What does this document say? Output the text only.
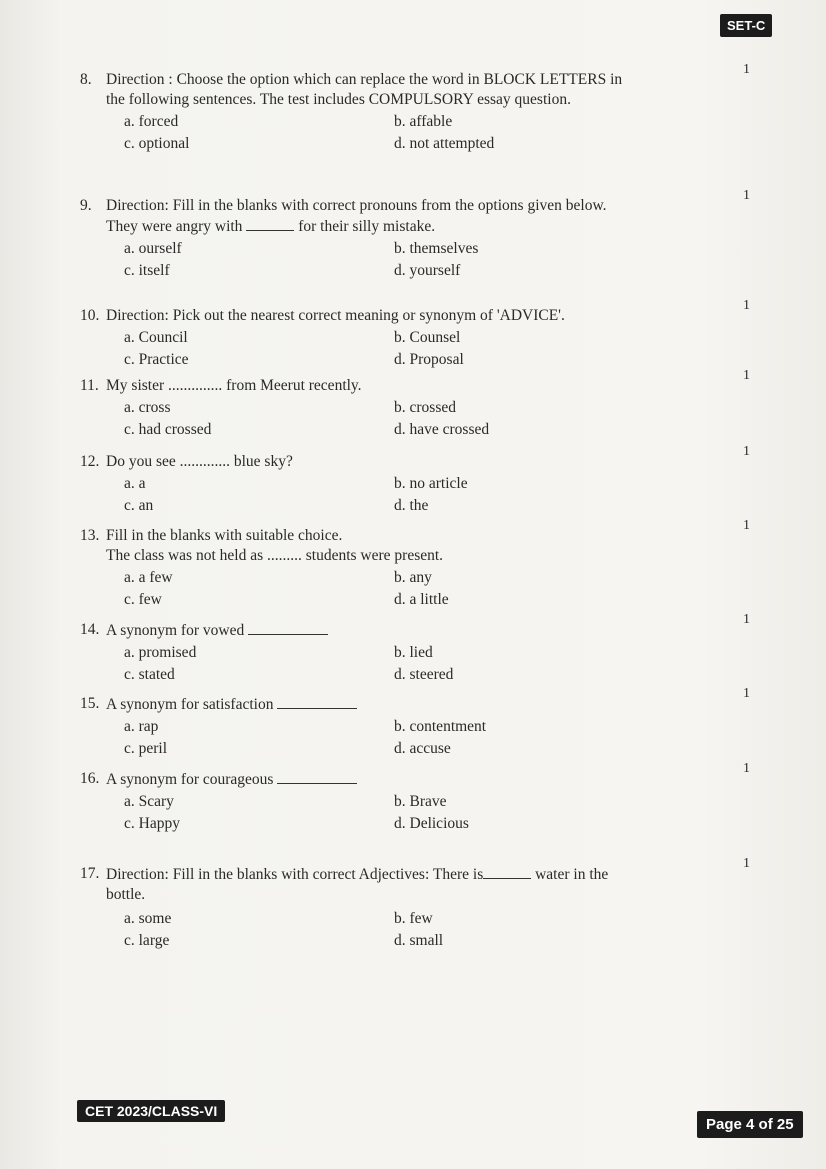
SET-C
8. Direction : Choose the option which can replace the word in BLOCK LETTERS in
1
the following sentences. The test includes COMPULSORY essay question.
a. forced	b. affable
c. optional	d. not attempted
9. Direction: Fill in the blanks with correct pronouns from the options given below.
1
They were angry with	for their silly mistake.
a. ourself	b. themselves
c. itself	d. yourself
10. Direction: Pick out the nearest correct meaning or synonym of 'ADVICE'.
1
a. Council	b. Counsel
c. Practice	d. Proposal
11. My sister .............. from Meerut recently.
1
a. cross	b. crossed
c. had crossed	d. have crossed
12. Do you see ............. blue sky?
1
a. a	b. no article
c. an	d. the
13. Fill in the blanks with suitable choice.
1
The class was not held as ......... students were present.
a. a few	b. any
c. few	d. a little
14. A synonym for vowed
1
a. promised	b. lied
c. stated	d. steered
15. A synonym for satisfaction
1
a. rap	b. contentment
c. peril	d. accuse
16. A synonym for courageous
1
a. Scary	b. Brave
c. Happy	d. Delicious
17. Direction: Fill in the blanks with correct Adjectives: There is	water in the
1
bottle.
a. some	b. few
c. large	d. small
CET 2023/CLASS-VI
Page 4 of 25
